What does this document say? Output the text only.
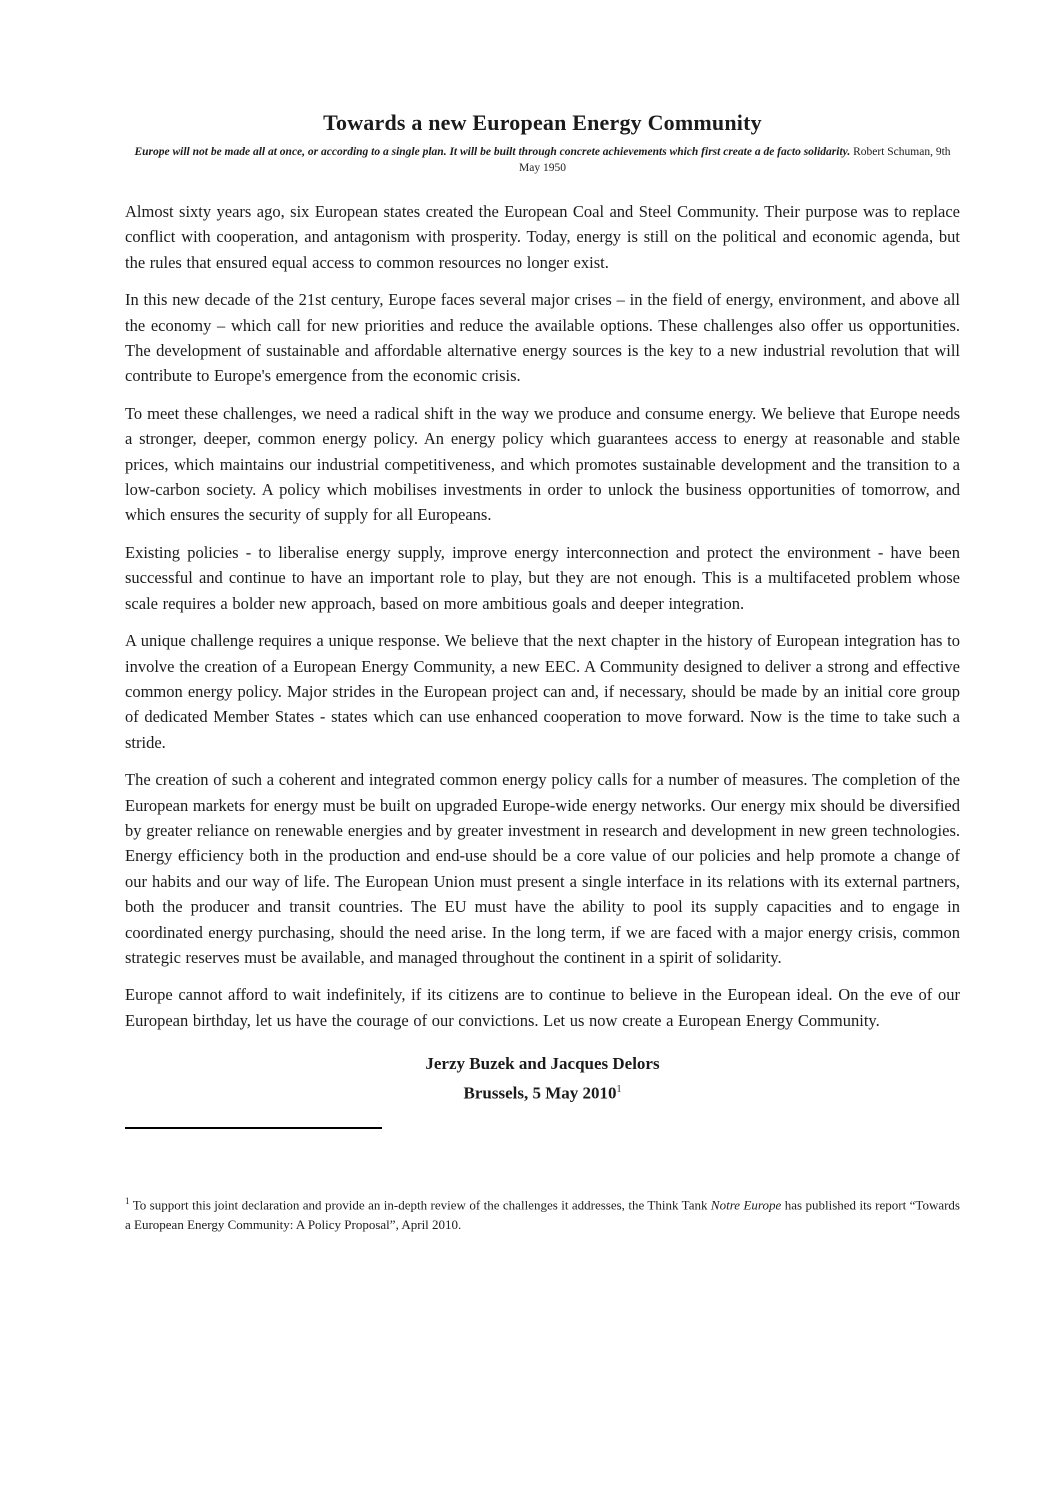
Towards a new European Energy Community
Europe will not be made all at once, or according to a single plan. It will be built through concrete achievements which first create a de facto solidarity. Robert Schuman, 9th May 1950

Almost sixty years ago, six European states created the European Coal and Steel Community. Their purpose was to replace conflict with cooperation, and antagonism with prosperity. Today, energy is still on the political and economic agenda, but the rules that ensured equal access to common resources no longer exist.

In this new decade of the 21st century, Europe faces several major crises – in the field of energy, environment, and above all the economy – which call for new priorities and reduce the available options. These challenges also offer us opportunities. The development of sustainable and affordable alternative energy sources is the key to a new industrial revolution that will contribute to Europe's emergence from the economic crisis.

To meet these challenges, we need a radical shift in the way we produce and consume energy. We believe that Europe needs a stronger, deeper, common energy policy. An energy policy which guarantees access to energy at reasonable and stable prices, which maintains our industrial competitiveness, and which promotes sustainable development and the transition to a low-carbon society. A policy which mobilises investments in order to unlock the business opportunities of tomorrow, and which ensures the security of supply for all Europeans.

Existing policies - to liberalise energy supply, improve energy interconnection and protect the environment - have been successful and continue to have an important role to play, but they are not enough. This is a multifaceted problem whose scale requires a bolder new approach, based on more ambitious goals and deeper integration.

A unique challenge requires a unique response. We believe that the next chapter in the history of European integration has to involve the creation of a European Energy Community, a new EEC. A Community designed to deliver a strong and effective common energy policy. Major strides in the European project can and, if necessary, should be made by an initial core group of dedicated Member States - states which can use enhanced cooperation to move forward. Now is the time to take such a stride.

The creation of such a coherent and integrated common energy policy calls for a number of measures. The completion of the European markets for energy must be built on upgraded Europe-wide energy networks. Our energy mix should be diversified by greater reliance on renewable energies and by greater investment in research and development in new green technologies. Energy efficiency both in the production and end-use should be a core value of our policies and help promote a change of our habits and our way of life. The European Union must present a single interface in its relations with its external partners, both the producer and transit countries. The EU must have the ability to pool its supply capacities and to engage in coordinated energy purchasing, should the need arise. In the long term, if we are faced with a major energy crisis, common strategic reserves must be available, and managed throughout the continent in a spirit of solidarity.

Europe cannot afford to wait indefinitely, if its citizens are to continue to believe in the European ideal. On the eve of our European birthday, let us have the courage of our convictions. Let us now create a European Energy Community.

Jerzy Buzek and Jacques Delors
Brussels, 5 May 2010$^1$

$^1$ To support this joint declaration and provide an in-depth review of the challenges it addresses, the Think Tank Notre Europe has published its report “Towards a European Energy Community: A Policy Proposal”, April 2010.
